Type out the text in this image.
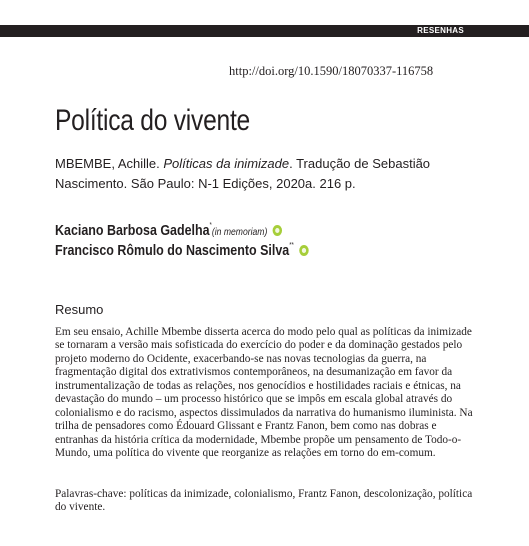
RESENHAS
http://doi.org/10.1590/18070337-116758
Política do vivente
MBEMBE, Achille. Políticas da inimizade. Tradução de Sebastião Nascimento. São Paulo: N-1 Edições, 2020a. 216 p.
Kaciano Barbosa Gadelha*(in memoriam)
Francisco Rômulo do Nascimento Silva**
Resumo

Em seu ensaio, Achille Mbembe disserta acerca do modo pelo qual as políticas da inimizade se tornaram a versão mais sofisticada do exercício do poder e da dominação gestados pelo projeto moderno do Ocidente, exacerbando-se nas novas tecnologias da guerra, na fragmentação digital dos extrativismos contemporâneos, na desumanização em favor da instrumentalização de todas as relações, nos genocídios e hostilidades raciais e étnicas, na devastação do mundo – um processo histórico que se impôs em escala global através do colonialismo e do racismo, aspectos dissimulados da narrativa do humanismo iluminista. Na trilha de pensadores como Édouard Glissant e Frantz Fanon, bem como nas dobras e entranhas da história crítica da modernidade, Mbembe propõe um pensamento de Todo-o-Mundo, uma política do vivente que reorganize as relações em torno do em-comum.

Palavras-chave: políticas da inimizade, colonialismo, Frantz Fanon, descolonização, política do vivente.
